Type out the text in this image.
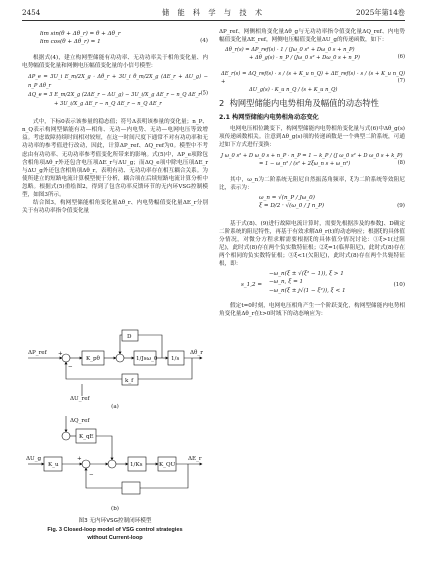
2454	储 能 科 学 与 技 术	2025年第14卷
lim sin(θ + Δθ_r) = θ + Δθ_r
lim cos(θ + Δθ_r) = 1	(4)

根据式(4)，建立构网型储能有功功率、无功功率关于相角变化量、内电势幅值变化量和网侧电压幅值变化量的小信号模型：

ΔP_e = 3U_i E_m/2X_g · Δθ_r + 3U_i θ_m/2X_g (ΔE_r + ΔU_g) − n_P Δθ_r
ΔQ_e = 3 E_m/2X_g (2ΔE_r − ΔU_g) − 3U_i/X_g ΔE_r − n_Q ΔE_r
+ 3U_i/X_g ΔE_r − n_Q ΔE_r − n_Q ΔE_r
(5)

式中，下标0表示该参量的稳态值；符号Δ表明该参量的变化量；n_P、n_Q表示构网型储能有功—相角、无功—内电势、无功—电网电压等效增益。考虑故障持续时间相对较短，在这一时间尺度下通常不对有功功率和无功功率的参考值进行改动，因此，计算ΔP_ref、ΔQ_ref为0。模型中不考虑由有功功率、无功功率参考值变化所带来的影响。式(5)中，ΔP_e项除包含相角项Δθ_r外还包含电压项ΔE_r与ΔU_g；而ΔQ_e项中除电压项ΔE_r与ΔU_g外还包含相角项Δθ_r，表明有功、无功功率存在相互耦合关系。为使所建立的短路电流计算模型便于分析，耦合项在后续短路电流计算分析中忽略。根据式(5)重绘图2，得到了包含功率反馈环节的无内环VSG控制模型，如图3所示。

结合图3，构网型储能相角变化量Δθ_r、内电势幅值变化量ΔE_r分别关于有功功率指令值变化量

ΔP_ref
K_pθ	1/Jsω_0 1/s
Δθ_r
D
k_f
ΔU_ref
+
−
(a)
ΔQ_ref
ΔU_g
K_qE
K_u	1/Ks	K_QU
ΔE_r
+
−
(b)
图3 无内环VSG控制闭环模型
Fig. 3 Closed-loop model of VSG control strategies
without Current-loop

ΔP_ref、网侧相角变化量Δθ_g与无功功率指令值变化量ΔQ_ref、内电势幅值变化量ΔE_ref，网侧电压幅值变化量ΔU_g的传递函数，如下：

Δθ_r(s) = ΔP_ref(s) · 1 / (Jω_0 s² + Dω_0 s + n_P)
+ Δθ_g(s) · n_P / (Jω_0 s² + Dω_0 s + n_P)	(6)
ΔE_r(s) = ΔQ_ref(s) · s / (s + K_u n_Q) + ΔE_ref(s) · s / (s + K_u n_Q) +
ΔU_g(s) · K_u n_Q / (s + K_u n_Q)
(7)
2 构网型储能内电势相角及幅值的动态特性
2.1 构网型储能内电势相角动态变化

电网电压相位跳变下，构网型储能内电势相角变化量与式(6)中Δθ_g(s)项传递函数相关。注意到Δθ_g(s)项的传递函数是一个典型二阶系统，可通过如下方式进行变换：

J ω_0 s² + D ω_0 s + n_P · n_P = 1 − k_P / (J ω_0 s² + D ω_0 s + k_P)
= 1 − ω_n² / (s² + 2ξω_n s + ω_n²)	(8)

其中，ω_n为二阶系统无阻尼自然振荡角频率，ξ为二阶系统等效阻尼比，表示为：

ω_n = √(n_P / Jω_0)
ξ = D/2 · √(ω_0 / J n_P)	(9)

基于式(8)、(9)进行故障电流计算时，需要先根据涉及的参数J、D确定二阶系统的阻尼特性，再基于有效求解Δθ_r(t)的动态响应；根据ξ的具体值分情况，对微分方程求解需要根据ξ的具体值分情况讨论：①ξ>1(过阻尼)，此时式(8)存在两个负实数特征根；②ξ=1(临界阻尼)，此时式(8)存在两个相同的负实数特征根；③ξ<1(欠阻尼)，此时式(8)存在两个共轭特征根，即：

s_1,2 =
−ω_n(ξ ± √(ξ² − 1)), ξ > 1
−ω_n, ξ = 1
−ω_n(ξ ± j√(1 − ξ²)), ξ < 1
(10)

假定t=0时刻，电网电压相角产生一个阶跃变化，构网型储能内电势相角变化量Δθ_r在t>0时域下的动态响应为：
